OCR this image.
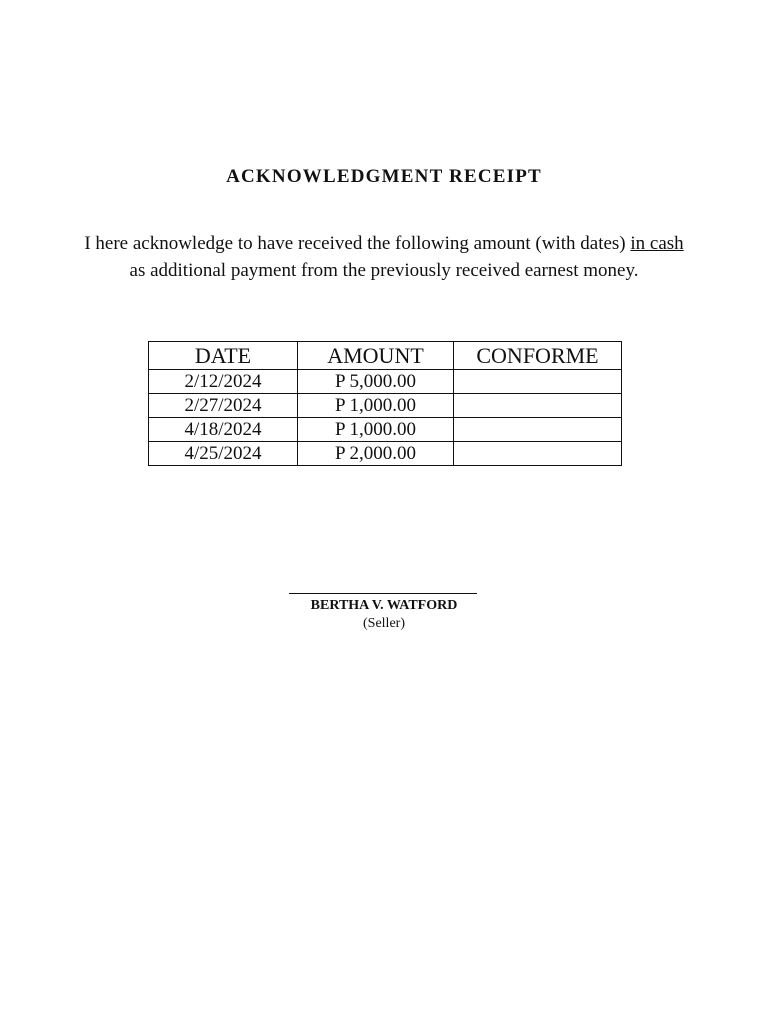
ACKNOWLEDGMENT RECEIPT
I here acknowledge to have received the following amount (with dates) in cash as additional payment from the previously received earnest money.
DATE	AMOUNT	CONFORME
2/12/2024	P 5,000.00	
2/27/2024	P 1,000.00	
4/18/2024	P 1,000.00	
4/25/2024	P 2,000.00	
BERTHA V. WATFORD
(Seller)
